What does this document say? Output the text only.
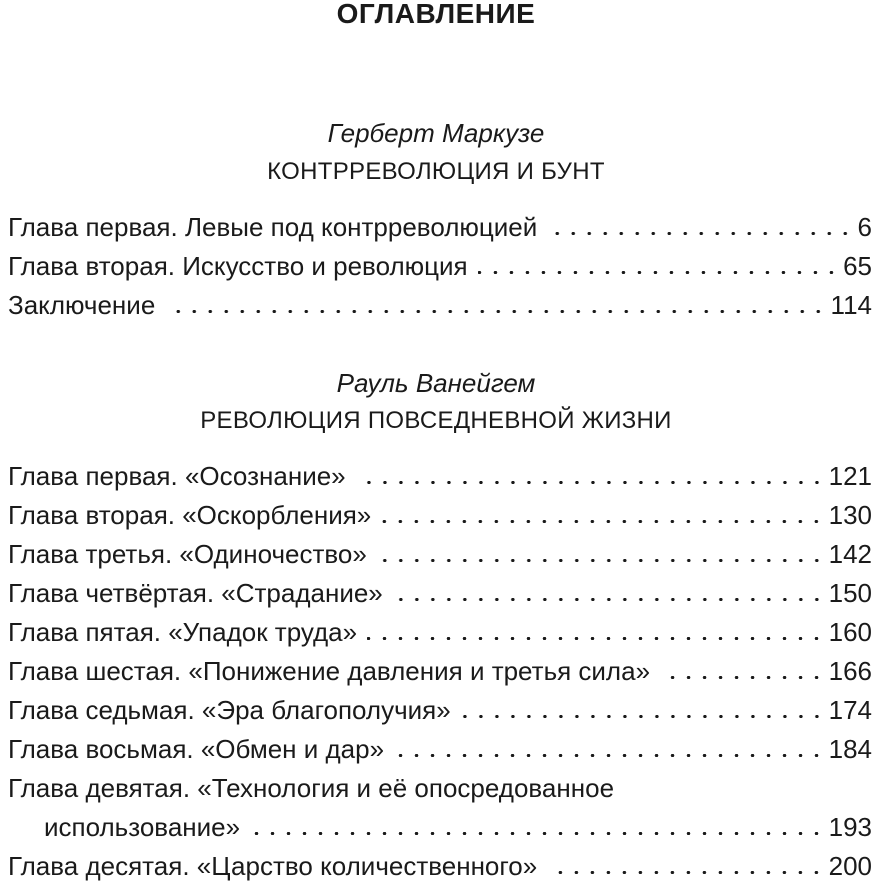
ОГЛАВЛЕНИЕ
Герберт Маркузе
КОНТРРЕВОЛЮЦИЯ И БУНТ
Глава первая. Левые под контрреволюцией	6
Глава вторая. Искусство и революция	65
Заключение	114
Рауль Ванейгем
РЕВОЛЮЦИЯ ПОВСЕДНЕВНОЙ ЖИЗНИ
Глава первая. «Осознание»	121
Глава вторая. «Оскорбления»	130
Глава третья. «Одиночество»	142
Глава четвёртая. «Страдание»	150
Глава пятая. «Упадок труда»	160
Глава шестая. «Понижение давления и третья сила»	166
Глава седьмая. «Эра благополучия»	174
Глава восьмая. «Обмен и дар»	184
Глава девятая. «Технология и её опосредованное
использование»	193
Глава десятая. «Царство количественного»	200
